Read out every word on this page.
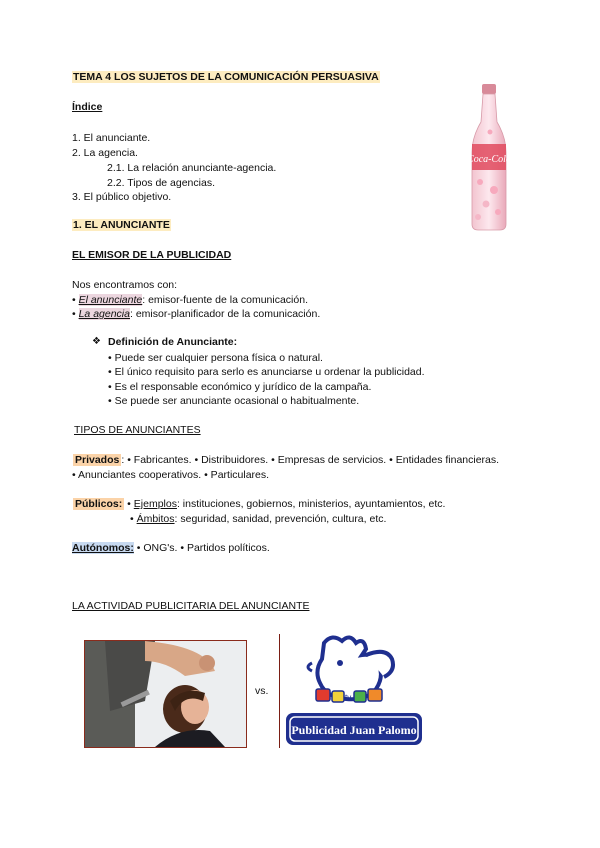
TEMA 4 LOS SUJETOS DE LA COMUNICACIÓN PERSUASIVA
Índice
1. El anunciante.
2. La agencia.
2.1. La relación anunciante-agencia.
2.2. Tipos de agencias.
3. El público objetivo.
1. EL ANUNCIANTE
EL EMISOR DE LA PUBLICIDAD
Nos encontramos con:
• El anunciante: emisor-fuente de la comunicación.
• La agencia: emisor-planificador de la comunicación.
❖ Definición de Anunciante:
• Puede ser cualquier persona física o natural.
• El único requisito para serlo es anunciarse u ordenar la publicidad.
• Es el responsable económico y jurídico de la campaña.
• Se puede ser anunciante ocasional o habitualmente.
TIPOS DE ANUNCIANTES
Privados : • Fabricantes. • Distribuidores. • Empresas de servicios. • Entidades financieras.
• Anunciantes cooperativos. • Particulares.
Públicos: • Ejemplos: instituciones, gobiernos, ministerios, ayuntamientos, etc.
• Ámbitos: seguridad, sanidad, prevención, cultura, etc.
Autónomos: • ONG's. • Partidos políticos.
LA ACTIVIDAD PUBLICITARIA DEL ANUNCIANTE
vs.
tv
Publicidad Juan Palomo
Coca-Cola
